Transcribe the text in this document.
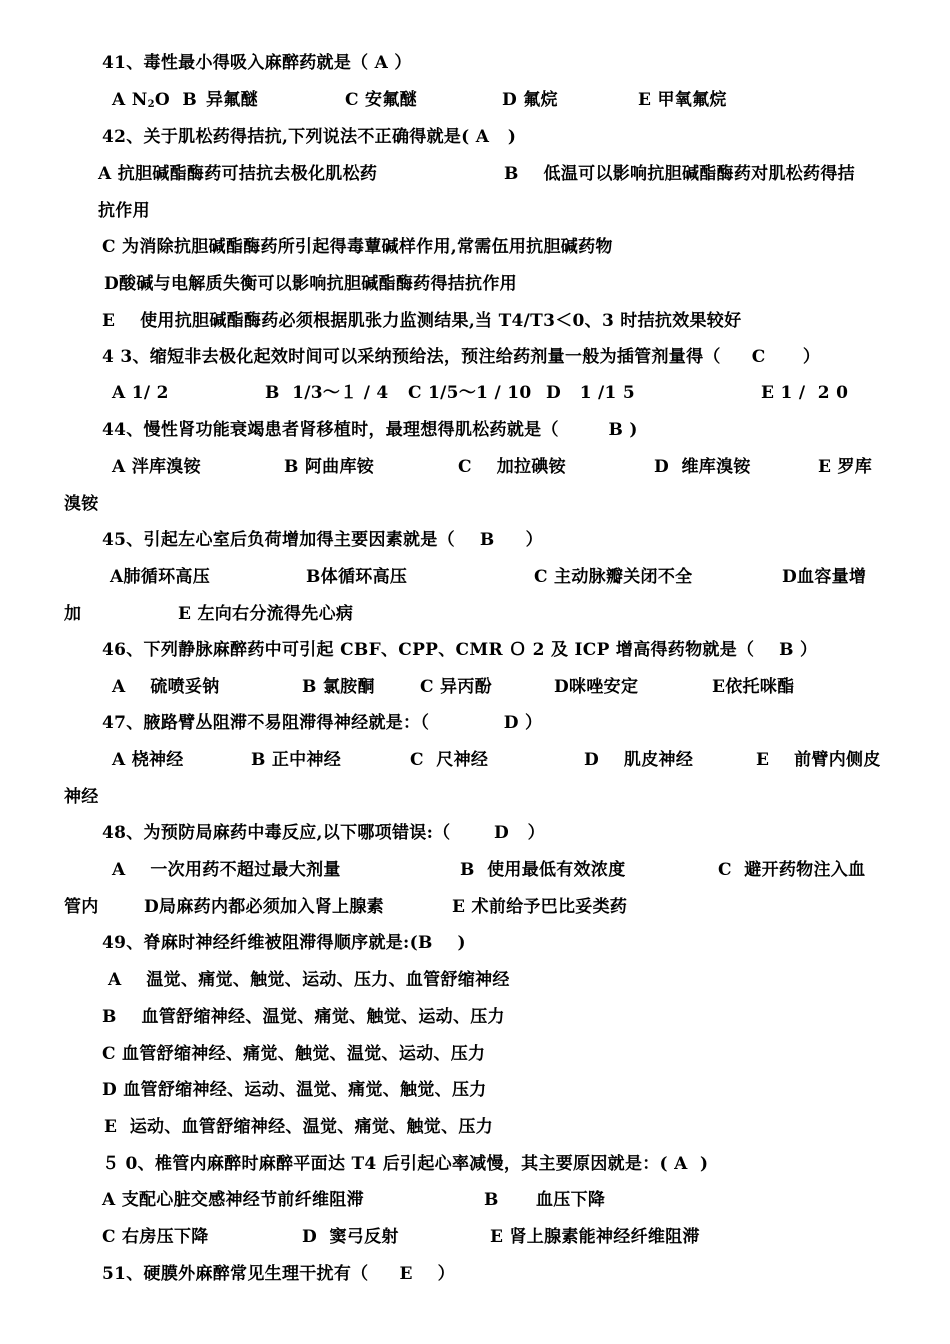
41、毒性最小得吸入麻醉药就是（ A ）
A $N_2O$  B 异氟醚	C 安氟醚	D 氟烷	E 甲氧氟烷
42、关于肌松药得拮抗,下列说法不正确得就是( A   )
A 抗胆碱酯酶药可拮抗去极化肌松药	B    低温可以影响抗胆碱酯酶药对肌松药得拮
抗作用
C 为消除抗胆碱酯酶药所引起得毒蕈碱样作用,常需伍用抗胆碱药物
D酸碱与电解质失衡可以影响抗胆碱酯酶药得拮抗作用
E    使用抗胆碱酯酶药必须根据肌张力监测结果,当 T4/T3＜0、3 时拮抗效果较好
4 3、缩短非去极化起效时间可以采纳预给法，预注给药剂量一般为插管剂量得（     C      ）
A 1/ 2	B  1/3～１ / 4 C 1/5～1 / 10 D   1 /1 5	E 1 /  2 0
44、慢性肾功能衰竭患者肾移植时，最理想得肌松药就是（        B )
A 泮库溴铵	B 阿曲库铵	C    加拉碘铵	D  维库溴铵	E 罗库
溴铵
45、引起左心室后负荷增加得主要因素就是（    B     ）
A肺循环高压	B体循环高压	C 主动脉瓣关闭不全	D血容量增
加	E 左向右分流得先心病
46、下列静脉麻醉药中可引起 CBF、CPP、CMR Ｏ 2 及 ICP 增高得药物就是（    B ）
A    硫喷妥钠	B 氯胺酮	C 异丙酚	D咪唑安定	E依托咪酯
47、腋路臂丛阻滞不易阻滞得神经就是：（            D ）
A 桡神经	B 正中神经	C  尺神经	D    肌皮神经	E    前臂内侧皮
神经
48、为预防局麻药中毒反应,以下哪项错误:（       D   ）
A    一次用药不超过最大剂量	B  使用最低有效浓度	C  避开药物注入血
管内	D局麻药内都必须加入肾上腺素	E 术前给予巴比妥类药
49、脊麻时神经纤维被阻滞得顺序就是:(B    )
A    温觉、痛觉、触觉、运动、压力、血管舒缩神经
B    血管舒缩神经、温觉、痛觉、触觉、运动、压力
C 血管舒缩神经、痛觉、触觉、温觉、运动、压力
D 血管舒缩神经、运动、温觉、痛觉、触觉、压力
E  运动、血管舒缩神经、温觉、痛觉、触觉、压力
５ 0、椎管内麻醉时麻醉平面达 T4 后引起心率减慢，其主要原因就是：( A  )
A 支配心脏交感神经节前纤维阻滞	B      血压下降
C 右房压下降	D  窦弓反射	E 肾上腺素能神经纤维阻滞
51、硬膜外麻醉常见生理干扰有（     E    ）
